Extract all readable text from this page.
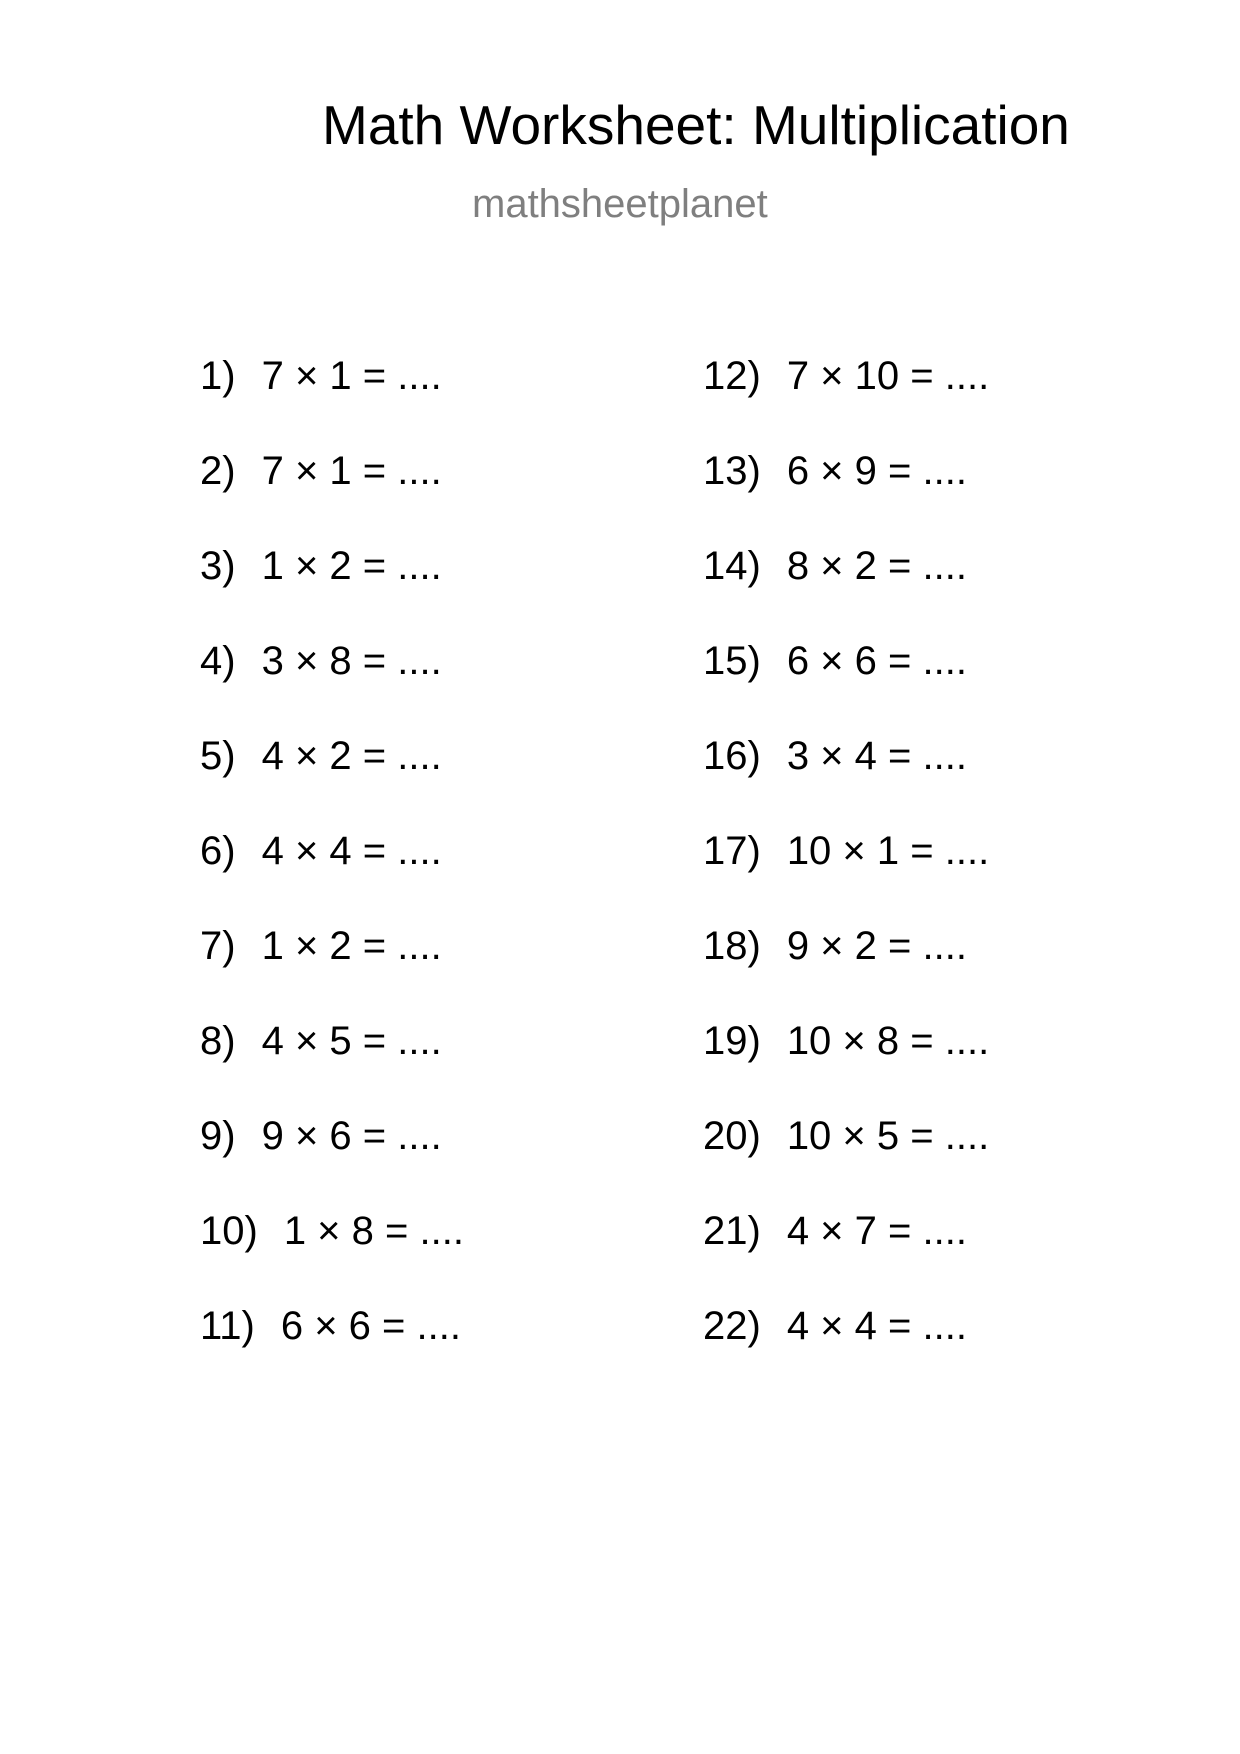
Math Worksheet: Multiplication
mathsheetplanet
1) 7 × 1 = ....
2) 7 × 1 = ....
3) 1 × 2 = ....
4) 3 × 8 = ....
5) 4 × 2 = ....
6) 4 × 4 = ....
7) 1 × 2 = ....
8) 4 × 5 = ....
9) 9 × 6 = ....
10) 1 × 8 = ....
11) 6 × 6 = ....
12) 7 × 10 = ....
13) 6 × 9 = ....
14) 8 × 2 = ....
15) 6 × 6 = ....
16) 3 × 4 = ....
17) 10 × 1 = ....
18) 9 × 2 = ....
19) 10 × 8 = ....
20) 10 × 5 = ....
21) 4 × 7 = ....
22) 4 × 4 = ....
